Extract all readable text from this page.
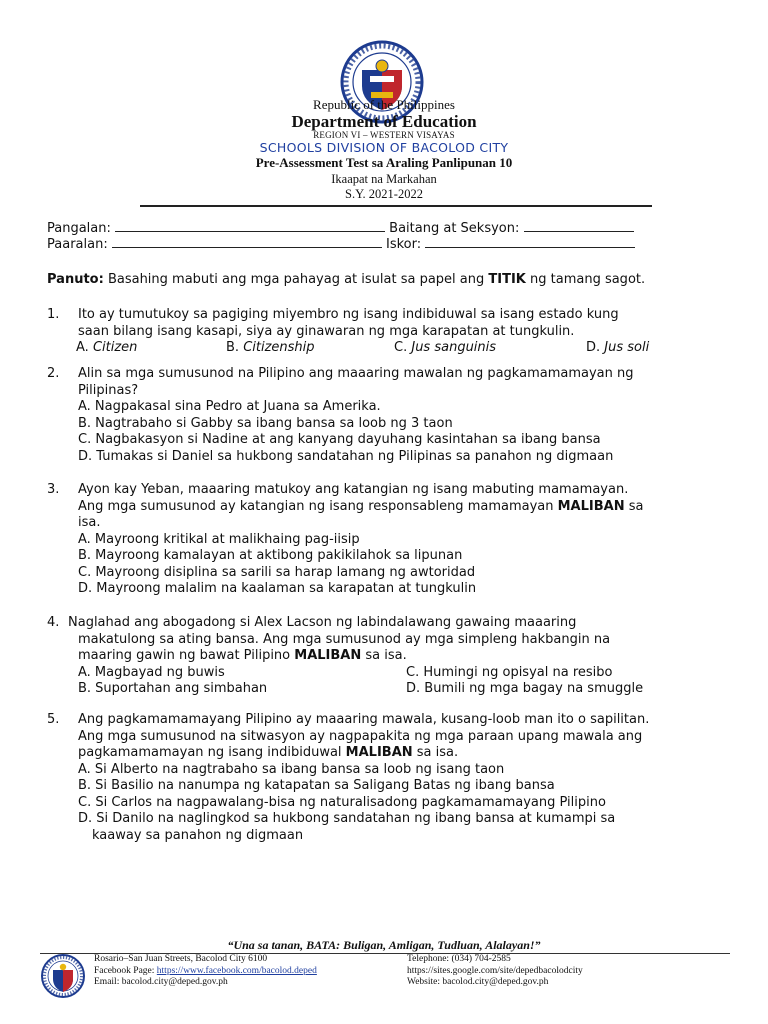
Republic of the Philippines
Department of Education
REGION VI – WESTERN VISAYAS
SCHOOLS DIVISION OF BACOLOD CITY
Pre-Assessment Test sa Araling Panlipunan 10
Ikaapat na Markahan
S.Y. 2021-2022
Pangalan:	Baitang at Seksyon:
Paaralan:	Iskor:
Panuto: Basahing mabuti ang mga pahayag at isulat sa papel ang TITIK ng tamang sagot.
1. Ito ay tumutukoy sa pagiging miyembro ng isang indibiduwal sa isang estado kung

saan bilang isang kasapi, siya ay ginawaran ng mga karapatan at tungkulin.

A. Citizen	B. Citizenship	C. Jus sanguinis	D. Jus soli
2. Alin sa mga sumusunod na Pilipino ang maaaring mawalan ng pagkamamamayan ng

Pilipinas?

A. Nagpakasal sina Pedro at Juana sa Amerika.

B. Nagtrabaho si Gabby sa ibang bansa sa loob ng 3 taon

C. Nagbakasyon si Nadine at ang kanyang dayuhang kasintahan sa ibang bansa

D. Tumakas si Daniel sa hukbong sandatahan ng Pilipinas sa panahon ng digmaan

3. Ayon kay Yeban, maaaring matukoy ang katangian ng isang mabuting mamamayan.

Ang mga sumusunod ay katangian ng isang responsableng mamamayan MALIBAN sa

isa.

A. Mayroong kritikal at malikhaing pag-iisip

B. Mayroong kamalayan at aktibong pakikilahok sa lipunan

C. Mayroong disiplina sa sarili sa harap lamang ng awtoridad

D. Mayroong malalim na kaalaman sa karapatan at tungkulin

4. Naglahad ang abogadong si Alex Lacson ng labindalawang gawaing maaaring

makatulong sa ating bansa. Ang mga sumusunod ay mga simpleng hakbangin na

maaring gawin ng bawat Pilipino MALIBAN sa isa.

A. Magbayad ng buwis	C. Humingi ng opisyal na resibo
B. Suportahan ang simbahan	D. Bumili ng mga bagay na smuggle
5. Ang pagkamamamayang Pilipino ay maaaring mawala, kusang-loob man ito o sapilitan.

Ang mga sumusunod na sitwasyon ay nagpapakita ng mga paraan upang mawala ang

pagkamamamayan ng isang indibiduwal MALIBAN sa isa.

A. Si Alberto na nagtrabaho sa ibang bansa sa loob ng isang taon

B. Si Basilio na nanumpa ng katapatan sa Saligang Batas ng ibang bansa

C. Si Carlos na nagpawalang-bisa ng naturalisadong pagkamamamayang Pilipino

D. Si Danilo na naglingkod sa hukbong sandatahan ng ibang bansa at kumampi sa

kaaway sa panahon ng digmaan

“Una sa tanan, BATA: Buligan, Amligan, Tudluan, Alalayan!”
Rosario–San Juan Streets, Bacolod City 6100
Facebook Page: https://www.facebook.com/bacolod.deped
Email: bacolod.city@deped.gov.ph
Telephone: (034) 704-2585
https://sites.google.com/site/depedbacolodcity
Website: bacolod.city@deped.gov.ph
